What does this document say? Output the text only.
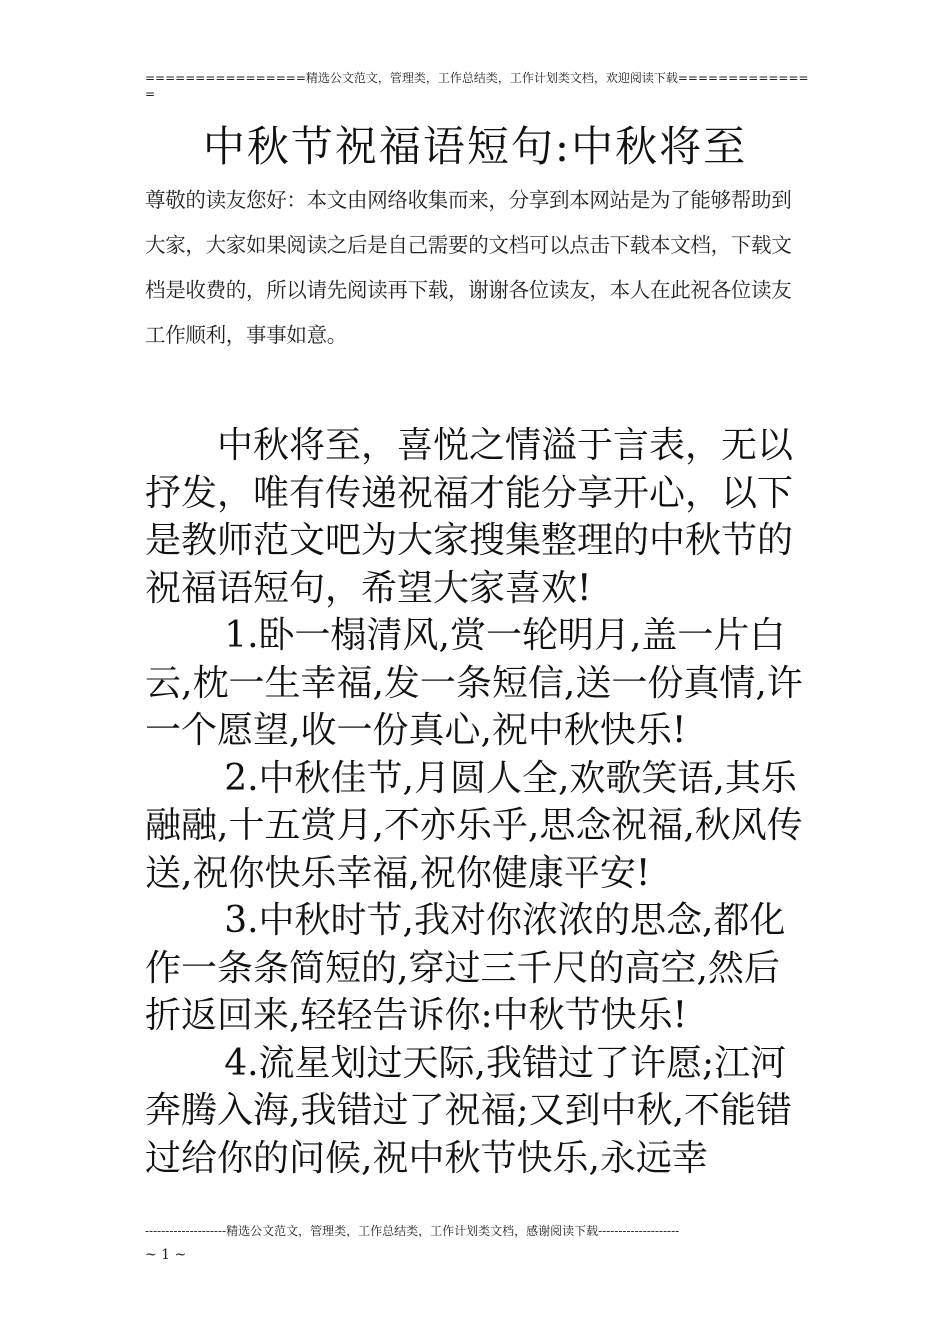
================精选公文范文，管理类，工作总结类，工作计划类文档，欢迎阅读下载==============
中秋节祝福语短句:中秋将至
尊敬的读友您好：本文由网络收集而来，分享到本网站是为了能够帮助到大家，大家如果阅读之后是自己需要的文档可以点击下载本文档，下载文档是收费的，所以请先阅读再下载，谢谢各位读友，本人在此祝各位读友工作顺利，事事如意。

中秋将至，喜悦之情溢于言表，无以抒发，唯有传递祝福才能分享开心，以下是教师范文吧为大家搜集整理的中秋节的祝福语短句，希望大家喜欢!

1.卧一榻清风,赏一轮明月,盖一片白云,枕一生幸福,发一条短信,送一份真情,许一个愿望,收一份真心,祝中秋快乐!

2.中秋佳节,月圆人全,欢歌笑语,其乐融融,十五赏月,不亦乐乎,思念祝福,秋风传送,祝你快乐幸福,祝你健康平安!

3.中秋时节,我对你浓浓的思念,都化作一条条简短的,穿过三千尺的高空,然后折返回来,轻轻告诉你:中秋节快乐!

4.流星划过天际,我错过了许愿;江河奔腾入海,我错过了祝福;又到中秋,不能错过给你的问候,祝中秋节快乐,永远幸

--------------------精选公文范文，管理类，工作总结类，工作计划类文档，感谢阅读下载--------------------
~ 1 ~
